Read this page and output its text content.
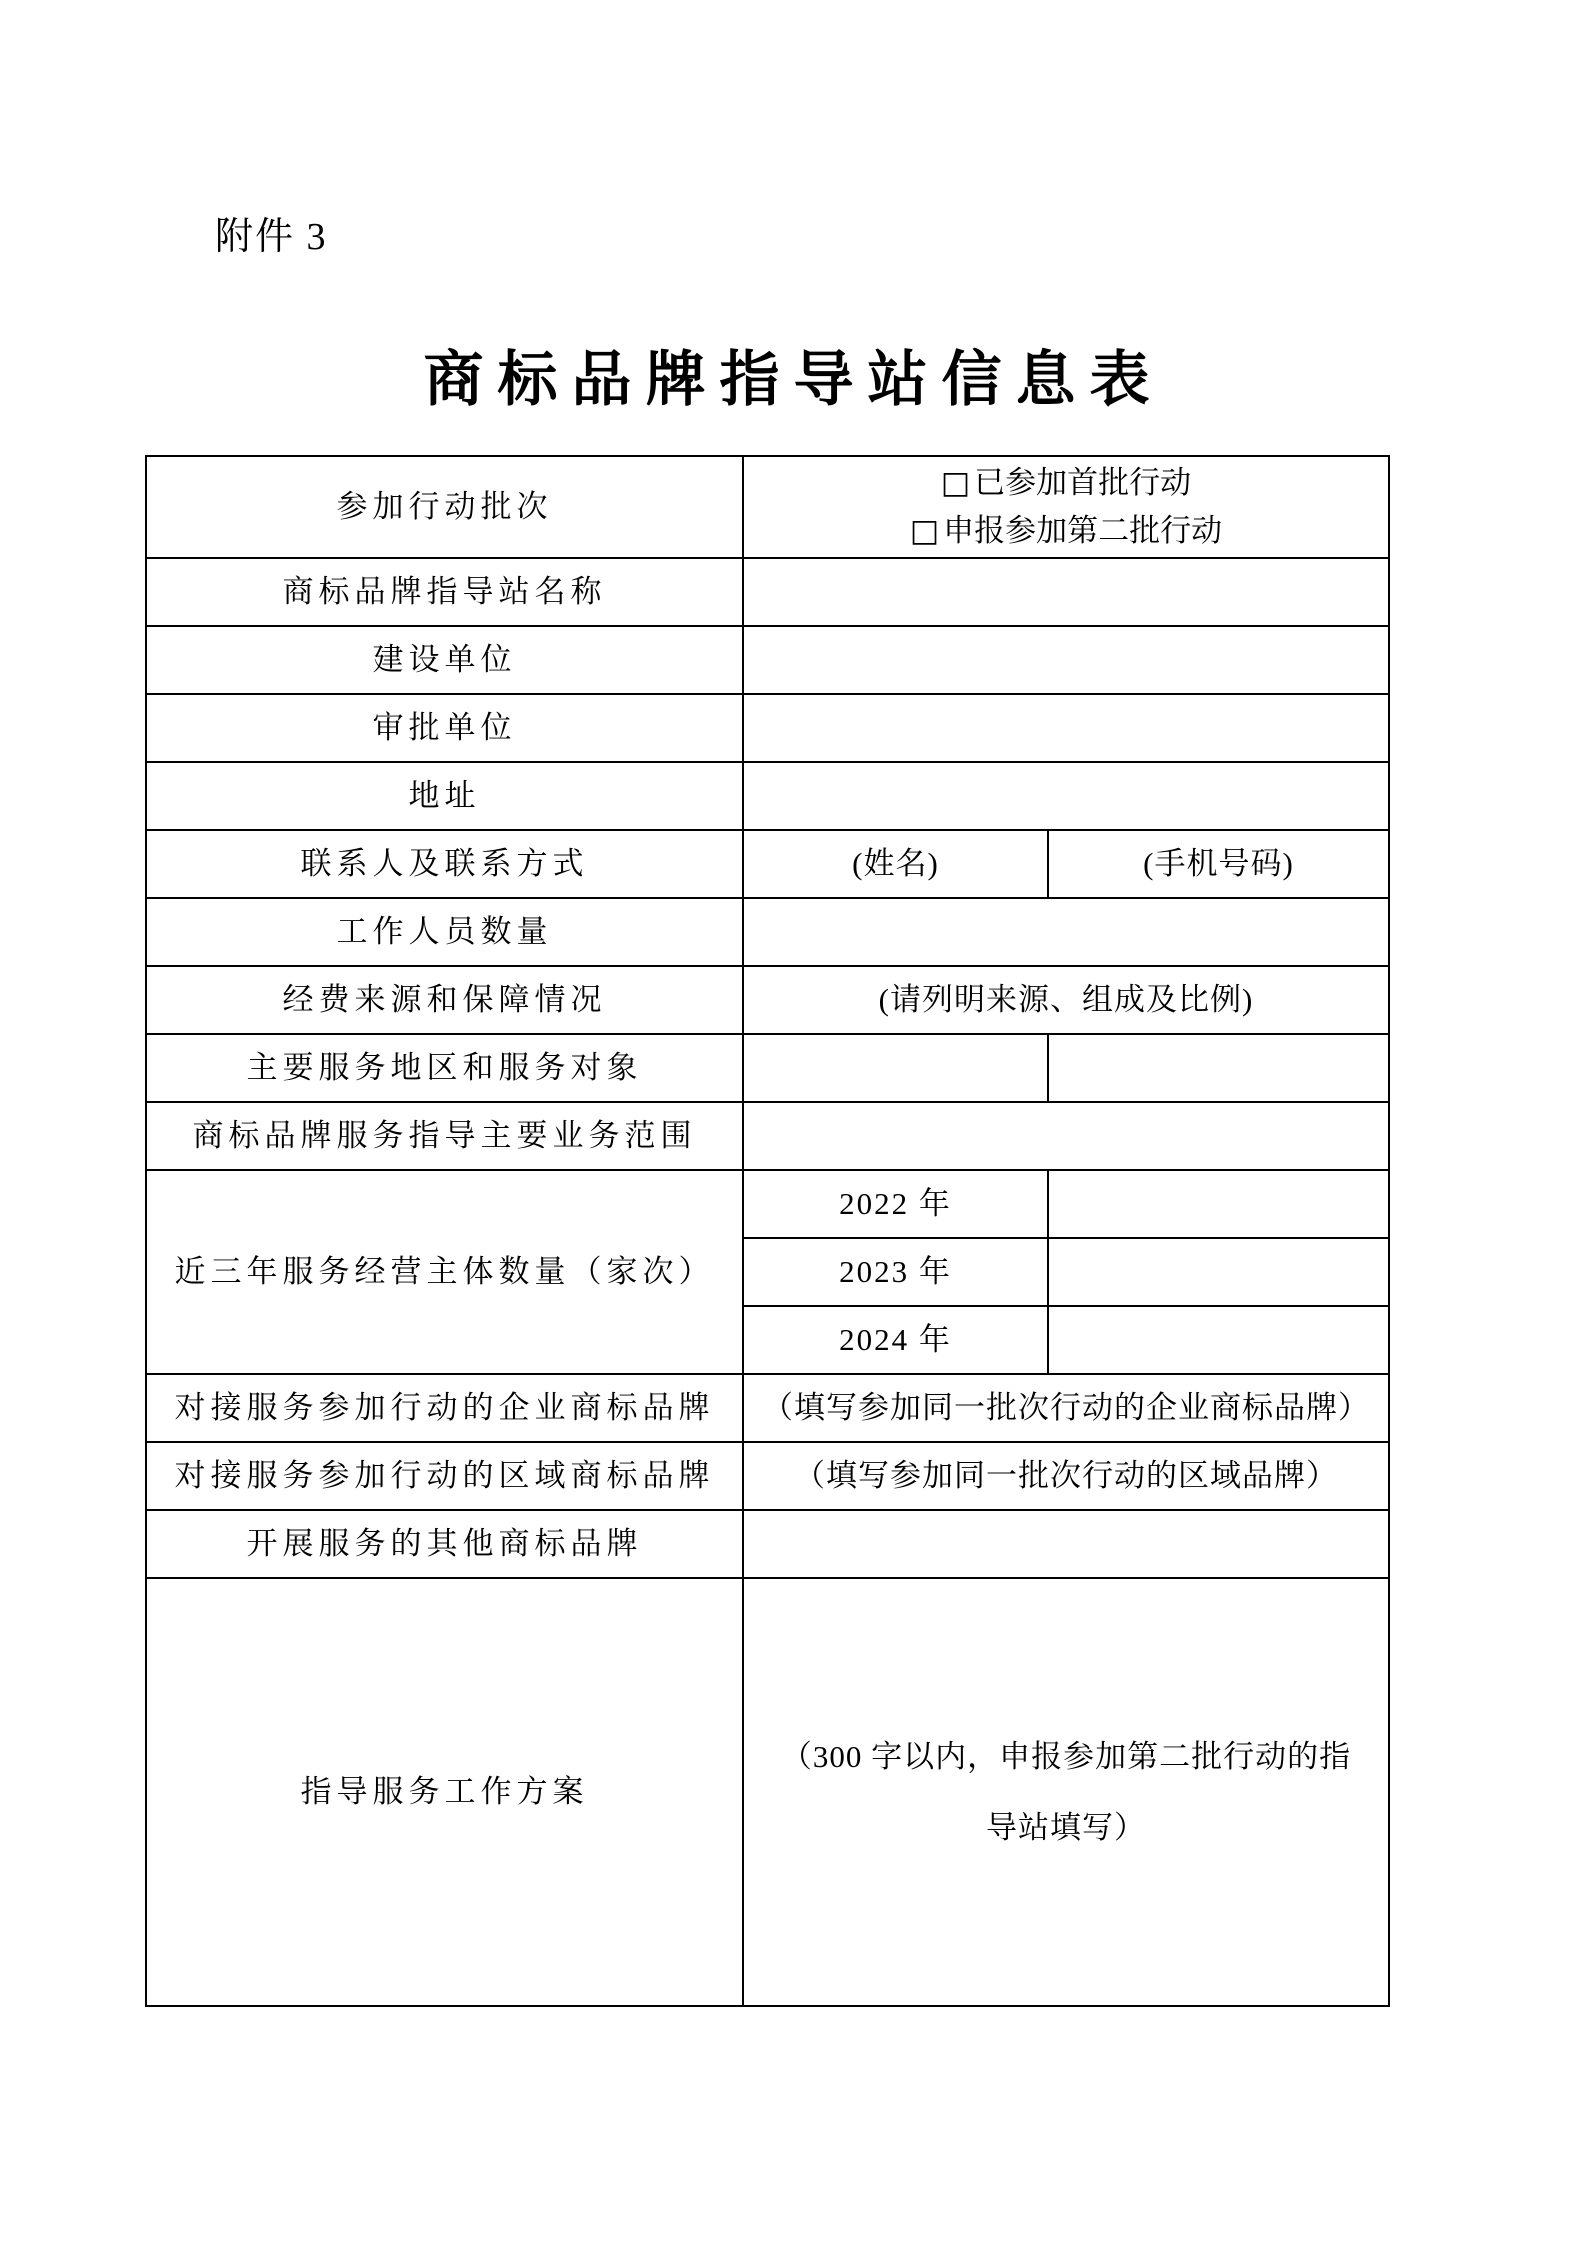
附件 3
商标品牌指导站信息表
参加行动批次	□ 已参加首批行动
□ 申报参加第二批行动	

商标品牌指导站名称		
建设单位		
审批单位		
地址		
联系人及联系方式	(姓名)	(手机号码)
工作人员数量		
经费来源和保障情况	(请列明来源、组成及比例)	
主要服务地区和服务对象		
商标品牌服务指导主要业务范围		
近三年服务经营主体数量（家次）	2022 年	
	2023 年	
	2024 年	
对接服务参加行动的企业商标品牌	（填写参加同一批次行动的企业商标品牌）	
对接服务参加行动的区域商标品牌	（填写参加同一批次行动的区域品牌）	
开展服务的其他商标品牌		
指导服务工作方案	（300 字以内，申报参加第二批行动的指导站填写）	
